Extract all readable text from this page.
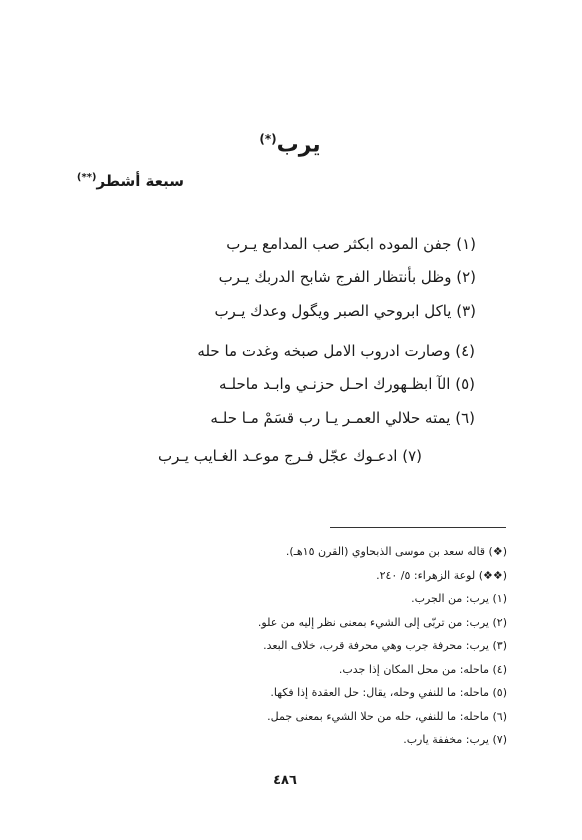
يرب(*)
سبعة أشطر(**)
(١) جفن الموده ابكثر صب المدامع يـرب
(٢) وظل بأنتظار الفرج شابح الدربك يـرب
(٣) ياكل ابروحي الصبر ويگول وعدك يـرب
(٤) وصارت ادروب الامل صبخه وغدت ما حله
(٥) الآ ابظـهورك احـل حزنـي وابـد ماحلـه
(٦) يمته حلالي العمـر يـا رب قسَمْ مـا حلـه
(٧) ادعـوك عجّل فـرج موعـد الغـايب يـرب
(❖) قاله سعد بن موسى الذبحاوي (القرن ١٥هـ).
(❖❖) لوعة الزهراء: ٥/ ٢٤٠.
(١) يرب: من الجرب.
(٢) يرب: من تربّى إلى الشيء بمعنى نظر إليه من علو.
(٣) يرب: محرفة جرب وهي محرفة قرب، خلاف البعد.
(٤) ماحله: من محل المكان إذا جدب.
(٥) ماحله: ما للنفي وحله، يقال: حل العقدة إذا فكها.
(٦) ماحله: ما للنفي، حله من حلا الشيء بمعنى جمل.
(٧) يرب: مخففة يارب.
٤٨٦
